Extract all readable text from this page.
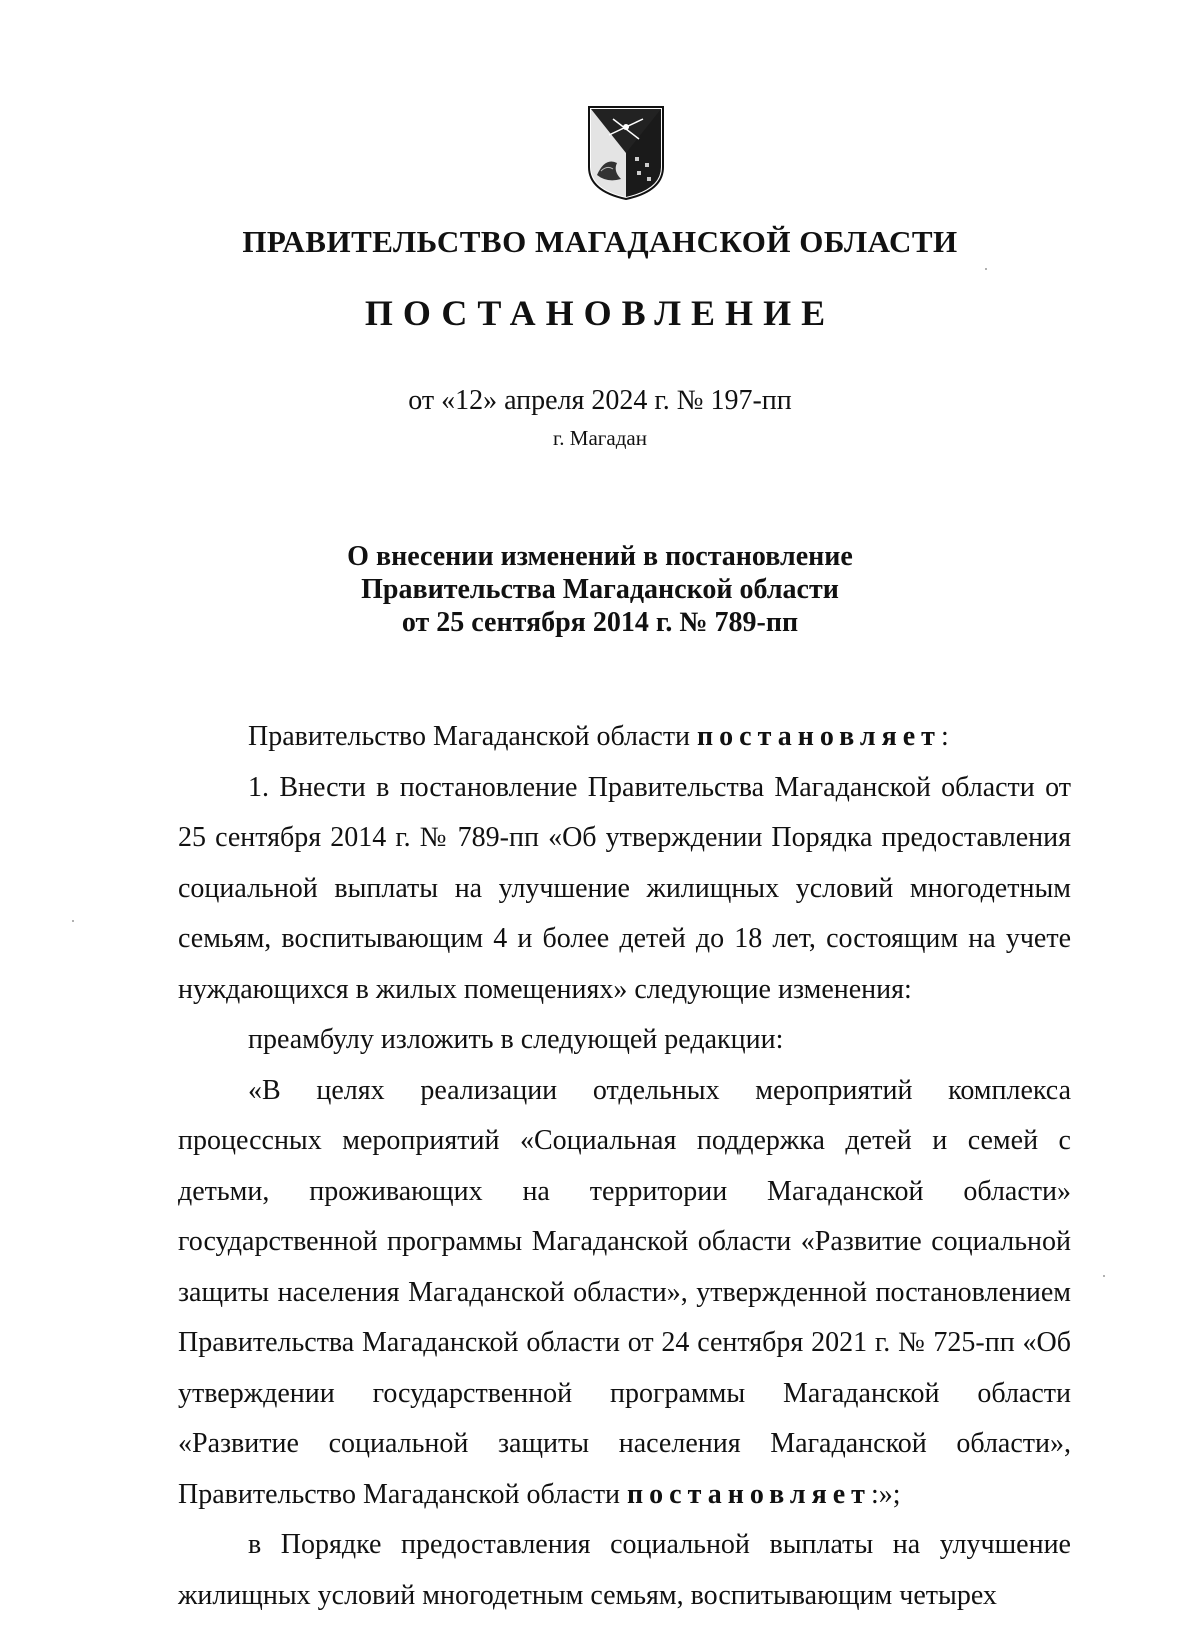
ПРАВИТЕЛЬСТВО МАГАДАНСКОЙ ОБЛАСТИ
ПОСТАНОВЛЕНИЕ
от «12» апреля 2024 г. № 197-пп
г. Магадан
О внесении изменений в постановление
Правительства Магаданской области
от 25 сентября 2014 г. № 789-пп

Правительство Магаданской области постановляет:

1. Внести в постановление Правительства Магаданской области от 25 сентября 2014 г. № 789-пп «Об утверждении Порядка предоставления социальной выплаты на улучшение жилищных условий многодетным семьям, воспитывающим 4 и более детей до 18 лет, состоящим на учете нуждающихся в жилых помещениях» следующие изменения:

преамбулу изложить в следующей редакции:

«В целях реализации отдельных мероприятий комплекса процессных мероприятий «Социальная поддержка детей и семей с детьми, проживающих на территории Магаданской области» государственной программы Магаданской области «Развитие социальной защиты населения Магаданской области», утвержденной постановлением Правительства Магаданской области от 24 сентября 2021 г. № 725-пп «Об утверждении государственной программы Магаданской области «Развитие социальной защиты населения Магаданской области», Правительство Магаданской области постановляет:»;

в Порядке предоставления социальной выплаты на улучшение жилищных условий многодетным семьям, воспитывающим четырех
